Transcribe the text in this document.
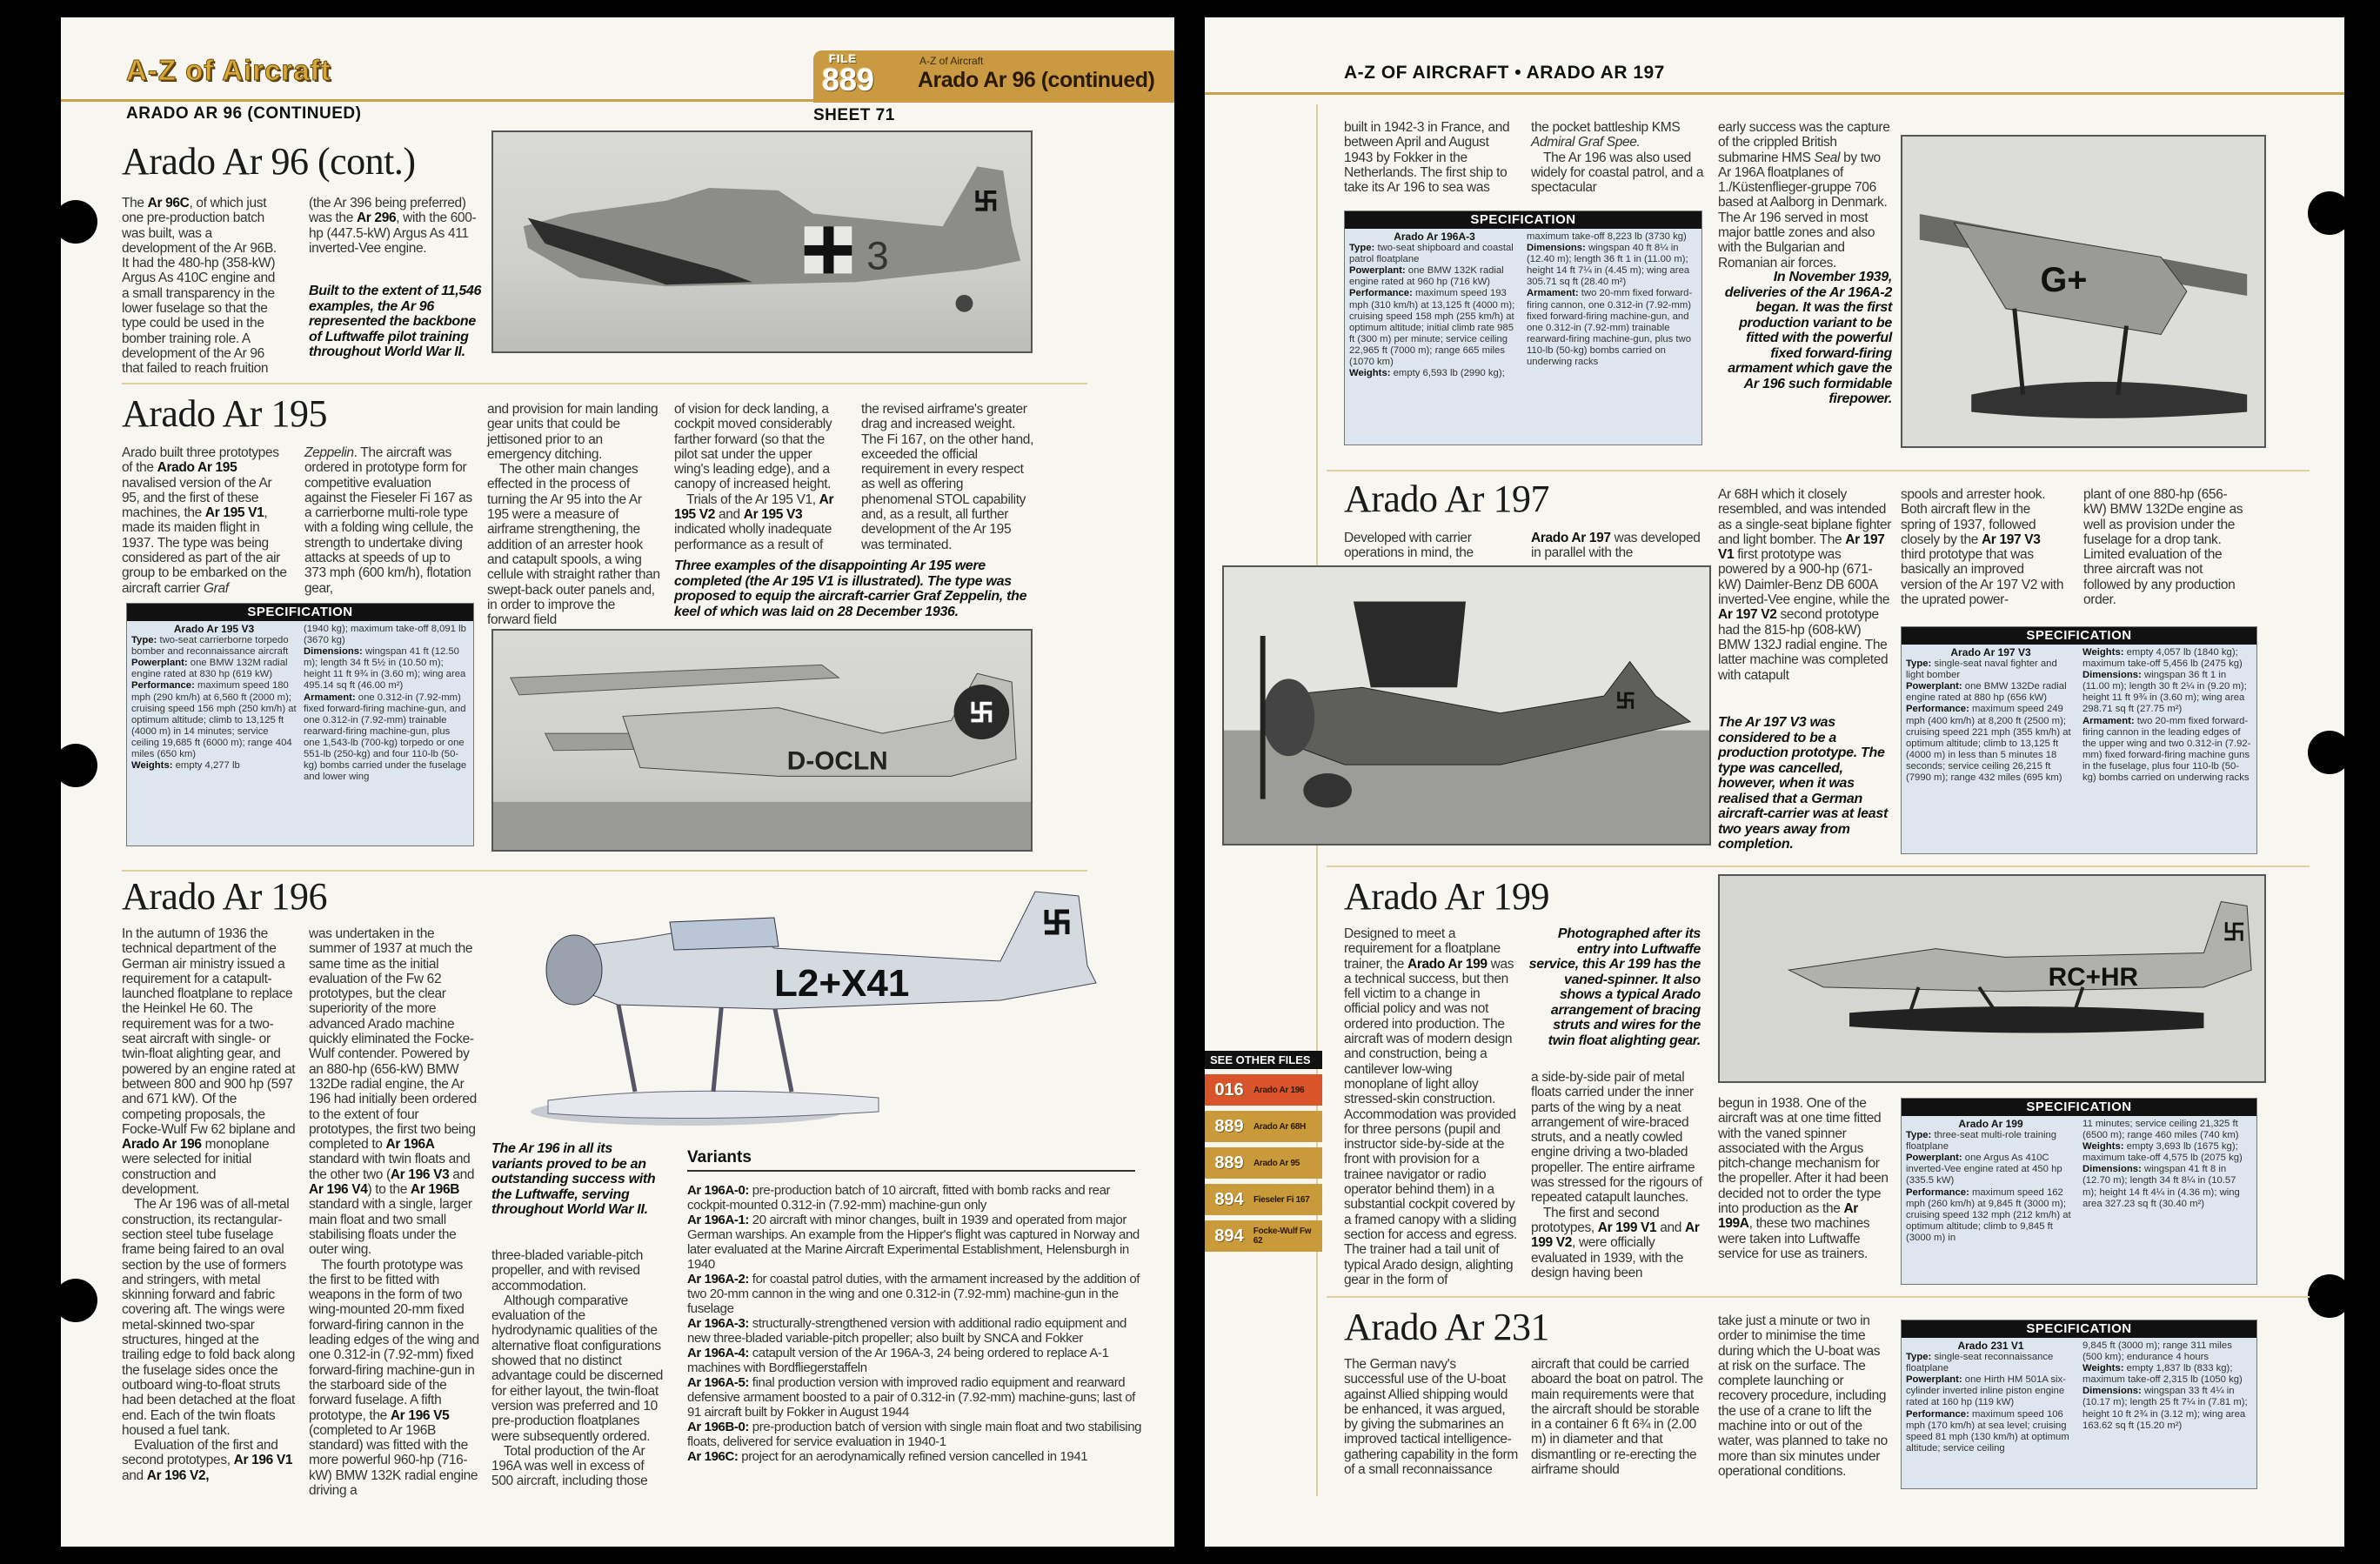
A-Z of Aircraft
ARADO AR 96 (CONTINUED)
FILE
889
A-Z of Aircraft
Arado Ar 96 (continued)
SHEET 71
Arado Ar 96 (cont.)
The Ar 96C, of which just one pre-production batch was built, was a development of the Ar 96B. It had the 480-hp (358-kW) Argus As 410C engine and a small transparency in the lower fuselage so that the type could be used in the bomber training role. A development of the Ar 96 that failed to reach fruition
(the Ar 396 being preferred) was the Ar 296, with the 600-hp (447.5-kW) Argus As 411 inverted-Vee engine.
Built to the extent of 11,546 examples, the Ar 96 represented the backbone of Luftwaffe pilot training throughout World War II.
3
Arado Ar 195
Arado built three prototypes of the Arado Ar 195 navalised version of the Ar 95, and the first of these machines, the Ar 195 V1, made its maiden flight in 1937. The type was being considered as part of the air group to be embarked on the aircraft carrier Graf
Zeppelin. The aircraft was ordered in prototype form for competitive evaluation against the Fieseler Fi 167 as a carrierborne multi-role type with a folding wing cellule, the strength to undertake diving attacks at speeds of up to 373 mph (600 km/h), flotation gear,
and provision for main landing gear units that could be jettisoned prior to an emergency ditching.
The other main changes effected in the process of turning the Ar 95 into the Ar 195 were a measure of airframe strengthening, the addition of an arrester hook and catapult spools, a wing cellule with straight rather than swept-back outer panels and, in order to improve the forward field
of vision for deck landing, a cockpit moved considerably farther forward (so that the pilot sat under the upper wing's leading edge), and a canopy of increased height.
Trials of the Ar 195 V1, Ar 195 V2 and Ar 195 V3 indicated wholly inadequate performance as a result of
the revised airframe's greater drag and increased weight. The Fi 167, on the other hand, exceeded the official requirement in every respect as well as offering phenomenal STOL capability and, as a result, all further development of the Ar 195 was terminated.
Three examples of the disappointing Ar 195 were completed (the Ar 195 V1 is illustrated). The type was proposed to equip the aircraft-carrier Graf Zeppelin, the keel of which was laid on 28 December 1936.
SPECIFICATION
Arado Ar 195 V3
Type: two-seat carrierborne torpedo bomber and reconnaissance aircraft
Powerplant: one BMW 132M radial engine rated at 830 hp (619 kW)
Performance: maximum speed 180 mph (290 km/h) at 6,560 ft (2000 m); cruising speed 156 mph (250 km/h) at optimum altitude; climb to 13,125 ft (4000 m) in 14 minutes; service ceiling 19,685 ft (6000 m); range 404 miles (650 km)
Weights: empty 4,277 lb
(1940 kg); maximum take-off 8,091 lb (3670 kg)
Dimensions: wingspan 41 ft (12.50 m); length 34 ft 5½ in (10.50 m); height 11 ft 9¾ in (3.60 m); wing area 495.14 sq ft (46.00 m²)
Armament: one 0.312-in (7.92-mm) fixed forward-firing machine-gun, and one 0.312-in (7.92-mm) trainable rearward-firing machine-gun, plus one 1,543-lb (700-kg) torpedo or one 551-lb (250-kg) and four 110-lb (50-kg) bombs carried under the fuselage and lower wing
D-OCLN
Arado Ar 196
In the autumn of 1936 the technical department of the German air ministry issued a requirement for a catapult-launched floatplane to replace the Heinkel He 60. The requirement was for a two-seat aircraft with single- or twin-float alighting gear, and powered by an engine rated at between 800 and 900 hp (597 and 671 kW). Of the competing proposals, the Focke-Wulf Fw 62 biplane and Arado Ar 196 monoplane were selected for initial construction and development.
The Ar 196 was of all-metal construction, its rectangular-section steel tube fuselage frame being faired to an oval section by the use of formers and stringers, with metal skinning forward and fabric covering aft. The wings were metal-skinned two-spar structures, hinged at the trailing edge to fold back along the fuselage sides once the outboard wing-to-float struts had been detached at the float end. Each of the twin floats housed a fuel tank.
Evaluation of the first and second prototypes, Ar 196 V1 and Ar 196 V2,
was undertaken in the summer of 1937 at much the same time as the initial evaluation of the Fw 62 prototypes, but the clear superiority of the more advanced Arado machine quickly eliminated the Focke-Wulf contender. Powered by an 880-hp (656-kW) BMW 132De radial engine, the Ar 196 had initially been ordered to the extent of four prototypes, the first two being completed to Ar 196A standard with twin floats and the other two (Ar 196 V3 and Ar 196 V4) to the Ar 196B standard with a single, larger main float and two small stabilising floats under the outer wing.
The fourth prototype was the first to be fitted with weapons in the form of two wing-mounted 20-mm fixed forward-firing cannon in the leading edges of the wing and one 0.312-in (7.92-mm) fixed forward-firing machine-gun in the starboard side of the forward fuselage. A fifth prototype, the Ar 196 V5 (completed to Ar 196B standard) was fitted with the more powerful 960-hp (716-kW) BMW 132K radial engine driving a
The Ar 196 in all its variants proved to be an outstanding success with the Luftwaffe, serving throughout World War II.
three-bladed variable-pitch propeller, and with revised accommodation.
Although comparative evaluation of the hydrodynamic qualities of the alternative float configurations showed that no distinct advantage could be discerned for either layout, the twin-float version was preferred and 10 pre-production floatplanes were subsequently ordered.
Total production of the Ar 196A was well in excess of 500 aircraft, including those
L2+X41
Variants

Ar 196A-0: pre-production batch of 10 aircraft, fitted with bomb racks and rear cockpit-mounted 0.312-in (7.92-mm) machine-gun only

Ar 196A-1: 20 aircraft with minor changes, built in 1939 and operated from major German warships. An example from the Hipper's flight was captured in Norway and later evaluated at the Marine Aircraft Experimental Establishment, Helensburgh in 1940

Ar 196A-2: for coastal patrol duties, with the armament increased by the addition of two 20-mm cannon in the wing and one 0.312-in (7.92-mm) machine-gun in the fuselage

Ar 196A-3: structurally-strengthened version with additional radio equipment and new three-bladed variable-pitch propeller; also built by SNCA and Fokker

Ar 196A-4: catapult version of the Ar 196A-3, 24 being ordered to replace A-1 machines with Bordfliegerstaffeln

Ar 196A-5: final production version with improved radio equipment and rearward defensive armament boosted to a pair of 0.312-in (7.92-mm) machine-guns; last of 91 aircraft built by Fokker in August 1944

Ar 196B-0: pre-production batch of version with single main float and two stabilising floats, delivered for service evaluation in 1940-1

Ar 196C: project for an aerodynamically refined version cancelled in 1941

A-Z OF AIRCRAFT • ARADO AR 197
built in 1942-3 in France, and between April and August 1943 by Fokker in the Netherlands. The first ship to take its Ar 196 to sea was
the pocket battleship KMS Admiral Graf Spee.
The Ar 196 was also used widely for coastal patrol, and a spectacular
early success was the capture of the crippled British submarine HMS Seal by two Ar 196A floatplanes of 1./Küstenflieger-gruppe 706 based at Aalborg in Denmark. The Ar 196 served in most major battle zones and also with the Bulgarian and Romanian air forces.
In November 1939, deliveries of the Ar 196A-2 began. It was the first production variant to be fitted with the powerful fixed forward-firing armament which gave the Ar 196 such formidable firepower.
SPECIFICATION
Arado Ar 196A-3
Type: two-seat shipboard and coastal patrol floatplane
Powerplant: one BMW 132K radial engine rated at 960 hp (716 kW)
Performance: maximum speed 193 mph (310 km/h) at 13,125 ft (4000 m); cruising speed 158 mph (255 km/h) at optimum altitude; initial climb rate 985 ft (300 m) per minute; service ceiling 22,965 ft (7000 m); range 665 miles (1070 km)
Weights: empty 6,593 lb (2990 kg);
maximum take-off 8,223 lb (3730 kg)
Dimensions: wingspan 40 ft 8¼ in (12.40 m); length 36 ft 1 in (11.00 m); height 14 ft 7¼ in (4.45 m); wing area 305.71 sq ft (28.40 m²)
Armament: two 20-mm fixed forward-firing cannon, one 0.312-in (7.92-mm) fixed forward-firing machine-gun, and one 0.312-in (7.92-mm) trainable rearward-firing machine-gun, plus two 110-lb (50-kg) bombs carried on underwing racks
G+
Arado Ar 197
Developed with carrier operations in mind, the
Arado Ar 197 was developed in parallel with the
Ar 68H which it closely resembled, and was intended as a single-seat biplane fighter and light bomber. The Ar 197 V1 first prototype was powered by a 900-hp (671-kW) Daimler-Benz DB 600A inverted-Vee engine, while the Ar 197 V2 second prototype had the 815-hp (608-kW) BMW 132J radial engine. The latter machine was completed with catapult
The Ar 197 V3 was considered to be a production prototype. The type was cancelled, however, when it was realised that a German aircraft-carrier was at least two years away from completion.
spools and arrester hook. Both aircraft flew in the spring of 1937, followed closely by the Ar 197 V3 third prototype that was basically an improved version of the Ar 197 V2 with the uprated power-
plant of one 880-hp (656-kW) BMW 132De engine as well as provision under the fuselage for a drop tank. Limited evaluation of the three aircraft was not followed by any production order.
SPECIFICATION
Arado Ar 197 V3
Type: single-seat naval fighter and light bomber
Powerplant: one BMW 132De radial engine rated at 880 hp (656 kW)
Performance: maximum speed 249 mph (400 km/h) at 8,200 ft (2500 m); cruising speed 221 mph (355 km/h) at optimum altitude; climb to 13,125 ft (4000 m) in less than 5 minutes 18 seconds; service ceiling 26,215 ft (7990 m); range 432 miles (695 km)
Weights: empty 4,057 lb (1840 kg); maximum take-off 5,456 lb (2475 kg)
Dimensions: wingspan 36 ft 1 in (11.00 m); length 30 ft 2¼ in (9.20 m); height 11 ft 9¾ in (3.60 m); wing area 298.71 sq ft (27.75 m²)
Armament: two 20-mm fixed forward-firing cannon in the leading edges of the upper wing and two 0.312-in (7.92-mm) fixed forward-firing machine guns in the fuselage, plus four 110-lb (50-kg) bombs carried on underwing racks
SEE OTHER FILES
016	Arado Ar 196
889	Arado Ar 68H
889	Arado Ar 95
894	Fieseler Fi 167
894	Focke-Wulf Fw 62
Arado Ar 199
Designed to meet a requirement for a floatplane trainer, the Arado Ar 199 was a technical success, but then fell victim to a change in official policy and was not ordered into production. The aircraft was of modern design and construction, being a cantilever low-wing monoplane of light alloy stressed-skin construction. Accommodation was provided for three persons (pupil and instructor side-by-side at the front with provision for a trainee navigator or radio operator behind them) in a substantial cockpit covered by a framed canopy with a sliding section for access and egress. The trainer had a tail unit of typical Arado design, alighting gear in the form of
Photographed after its entry into Luftwaffe service, this Ar 199 has the vaned-spinner. It also shows a typical Arado arrangement of bracing struts and wires for the twin float alighting gear.
a side-by-side pair of metal floats carried under the inner parts of the wing by a neat arrangement of wire-braced struts, and a neatly cowled engine driving a two-bladed propeller. The entire airframe was stressed for the rigours of repeated catapult launches.
The first and second prototypes, Ar 199 V1 and Ar 199 V2, were officially evaluated in 1939, with the design having been
begun in 1938. One of the aircraft was at one time fitted with the vaned spinner associated with the Argus pitch-change mechanism for the propeller. After it had been decided not to order the type into production as the Ar 199A, these two machines were taken into Luftwaffe service for use as trainers.
RC+HR
SPECIFICATION
Arado Ar 199
Type: three-seat multi-role training floatplane
Powerplant: one Argus As 410C inverted-Vee engine rated at 450 hp (335.5 kW)
Performance: maximum speed 162 mph (260 km/h) at 9,845 ft (3000 m); cruising speed 132 mph (212 km/h) at optimum altitude; climb to 9,845 ft (3000 m) in
11 minutes; service ceiling 21,325 ft (6500 m); range 460 miles (740 km)
Weights: empty 3,693 lb (1675 kg); maximum take-off 4,575 lb (2075 kg)
Dimensions: wingspan 41 ft 8 in (12.70 m); length 34 ft 8¼ in (10.57 m); height 14 ft 4¼ in (4.36 m); wing area 327.23 sq ft (30.40 m²)
Arado Ar 231
The German navy's successful use of the U-boat against Allied shipping would be enhanced, it was argued, by giving the submarines an improved tactical intelligence-gathering capability in the form of a small reconnaissance
aircraft that could be carried aboard the boat on patrol. The main requirements were that the aircraft should be storable in a container 6 ft 6¾ in (2.00 m) in diameter and that dismantling or re-erecting the airframe should
take just a minute or two in order to minimise the time during which the U-boat was at risk on the surface. The complete launching or recovery procedure, including the use of a crane to lift the machine into or out of the water, was planned to take no more than six minutes under operational conditions.
SPECIFICATION
Arado 231 V1
Type: single-seat reconnaissance floatplane
Powerplant: one Hirth HM 501A six-cylinder inverted inline piston engine rated at 160 hp (119 kW)
Performance: maximum speed 106 mph (170 km/h) at sea level; cruising speed 81 mph (130 km/h) at optimum altitude; service ceiling
9,845 ft (3000 m); range 311 miles (500 km); endurance 4 hours
Weights: empty 1,837 lb (833 kg); maximum take-off 2,315 lb (1050 kg)
Dimensions: wingspan 33 ft 4¼ in (10.17 m); length 25 ft 7¼ in (7.81 m); height 10 ft 2¾ in (3.12 m); wing area 163.62 sq ft (15.20 m²)
